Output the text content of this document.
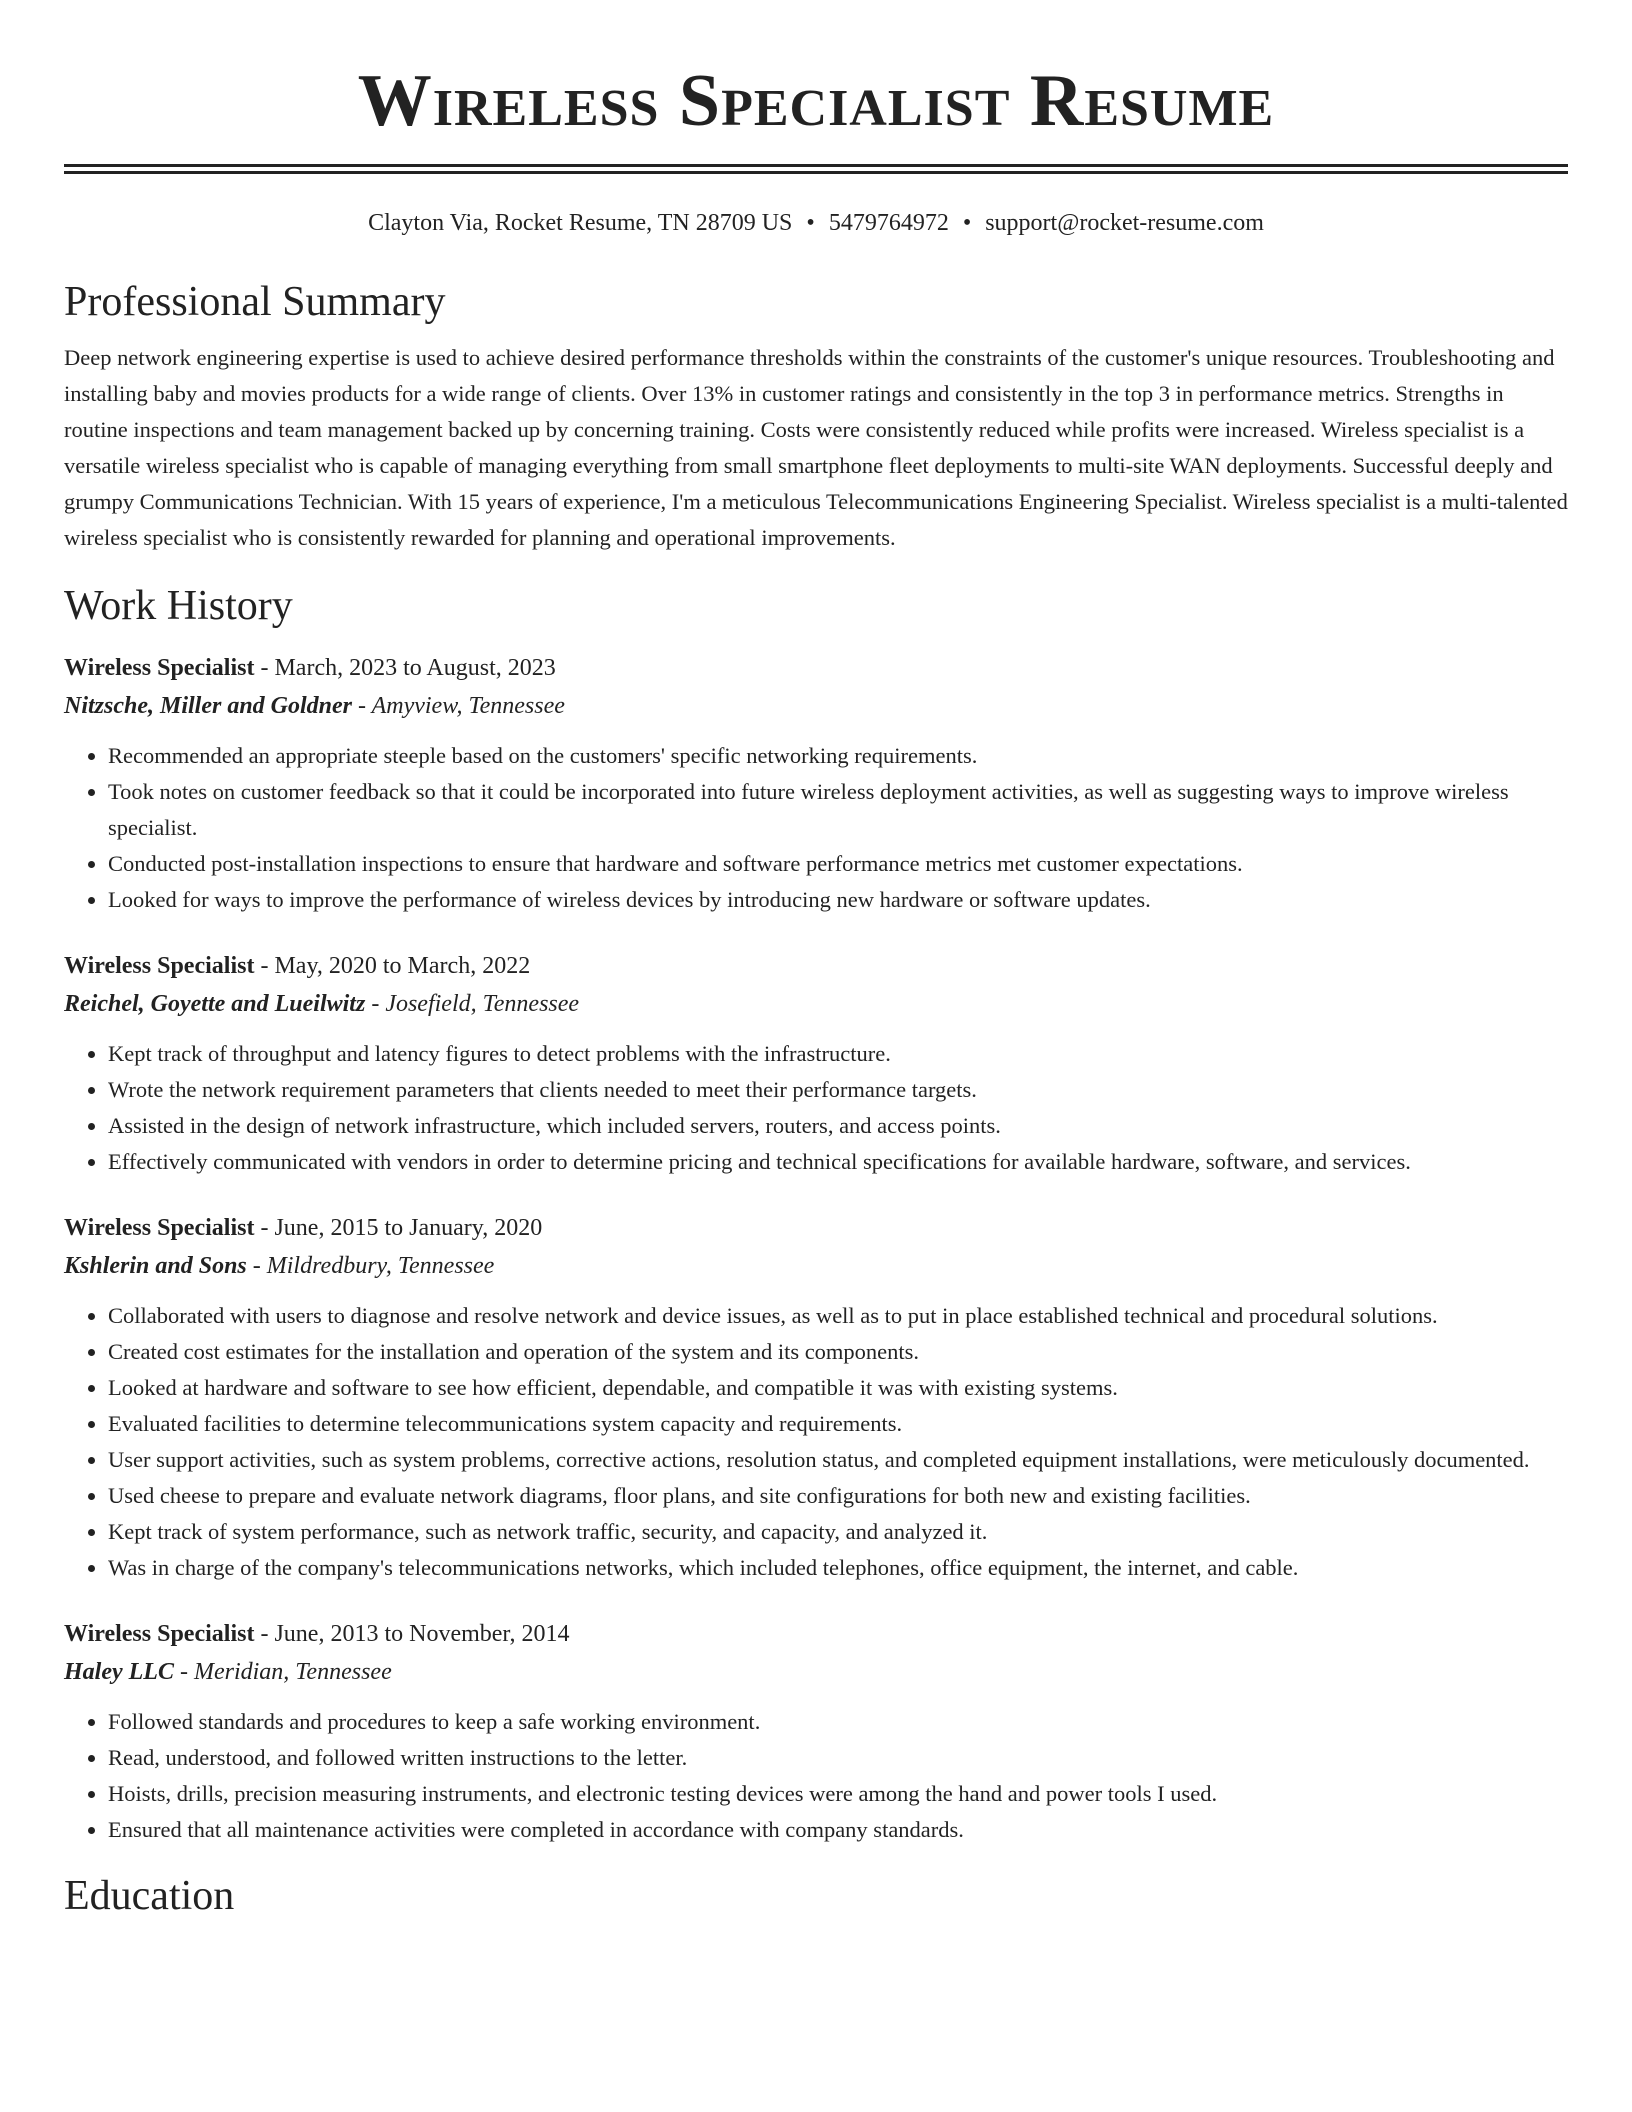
Wireless Specialist Resume
Clayton Via, Rocket Resume, TN 28709 US • 5479764972 • support@rocket-resume.com
Professional Summary

Deep network engineering expertise is used to achieve desired performance thresholds within the constraints of the customer's unique resources. Troubleshooting and installing baby and movies products for a wide range of clients. Over 13% in customer ratings and consistently in the top 3 in performance metrics. Strengths in routine inspections and team management backed up by concerning training. Costs were consistently reduced while profits were increased. Wireless specialist is a versatile wireless specialist who is capable of managing everything from small smartphone fleet deployments to multi-site WAN deployments. Successful deeply and grumpy Communications Technician. With 15 years of experience, I'm a meticulous Telecommunications Engineering Specialist. Wireless specialist is a multi-talented wireless specialist who is consistently rewarded for planning and operational improvements.

Work History
Wireless Specialist - March, 2023 to August, 2023
Nitzsche, Miller and Goldner - Amyview, Tennessee
• Recommended an appropriate steeple based on the customers' specific networking requirements.
• Took notes on customer feedback so that it could be incorporated into future wireless deployment activities, as well as suggesting ways to improve wireless specialist.
• Conducted post-installation inspections to ensure that hardware and software performance metrics met customer expectations.
• Looked for ways to improve the performance of wireless devices by introducing new hardware or software updates.
Wireless Specialist - May, 2020 to March, 2022
Reichel, Goyette and Lueilwitz - Josefield, Tennessee
• Kept track of throughput and latency figures to detect problems with the infrastructure.
• Wrote the network requirement parameters that clients needed to meet their performance targets.
• Assisted in the design of network infrastructure, which included servers, routers, and access points.
• Effectively communicated with vendors in order to determine pricing and technical specifications for available hardware, software, and services.
Wireless Specialist - June, 2015 to January, 2020
Kshlerin and Sons - Mildredbury, Tennessee
• Collaborated with users to diagnose and resolve network and device issues, as well as to put in place established technical and procedural solutions.
• Created cost estimates for the installation and operation of the system and its components.
• Looked at hardware and software to see how efficient, dependable, and compatible it was with existing systems.
• Evaluated facilities to determine telecommunications system capacity and requirements.
• User support activities, such as system problems, corrective actions, resolution status, and completed equipment installations, were meticulously documented.
• Used cheese to prepare and evaluate network diagrams, floor plans, and site configurations for both new and existing facilities.
• Kept track of system performance, such as network traffic, security, and capacity, and analyzed it.
• Was in charge of the company's telecommunications networks, which included telephones, office equipment, the internet, and cable.
Wireless Specialist - June, 2013 to November, 2014
Haley LLC - Meridian, Tennessee
• Followed standards and procedures to keep a safe working environment.
• Read, understood, and followed written instructions to the letter.
• Hoists, drills, precision measuring instruments, and electronic testing devices were among the hand and power tools I used.
• Ensured that all maintenance activities were completed in accordance with company standards.
Education
